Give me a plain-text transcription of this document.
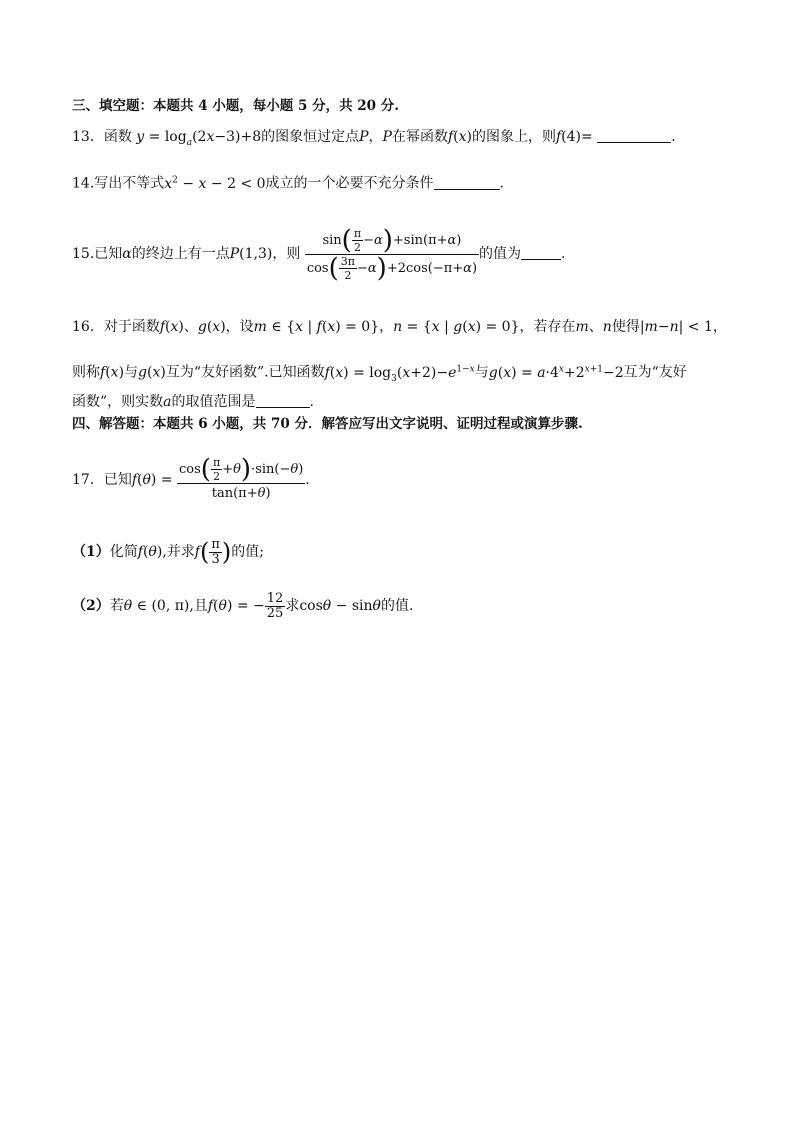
三、填空题：本题共 4 小题，每小题 5 分，共 20 分.
13．函数 $y = \log_a(2x-3)+8$的图象恒过定点P，P在幂函数f(x)的图象上，则f(4)=	.
14.写出不等式$x^2 - x - 2 < 0$成立的一个必要不充分条件	.
15.已知α的终边上有一点P(1,3)，则 $\frac{\sin( \frac{\pi}{2} -\alpha)+\sin(\pi+\alpha)}{\cos( \frac{3\pi}{2} -\alpha)+2\cos(-\pi+\alpha)}$ 的值为	.
16．对于函数f(x)、g(x)，设m ∈ {x | f(x) = 0}，n = {x | g(x) = 0}，若存在m、n使得|m−n| < 1，
则称f(x)与g(x)互为“友好函数”.已知函数$f(x) = \log_3(x+2)-e^{1-x}$与$g(x) = a\cdot 4^x+2^{x+1}-2$互为“友好
函数”，则实数a的取值范围是	.
四、解答题：本题共 6 小题，共 70 分．解答应写出文字说明、证明过程或演算步骤.
17．已知$f(\theta) = \frac{\cos( \frac{\pi}{2} +\theta)\cdot\sin(-\theta)}{\tan(\pi+\theta)}$ .
（1）化简f(θ),并求$f( \frac{\pi}{3}$ )的值;
（2）若θ ∈ (0, π),且f(θ) = − $\frac{12}{25}$ 求cosθ − sinθ的值.
